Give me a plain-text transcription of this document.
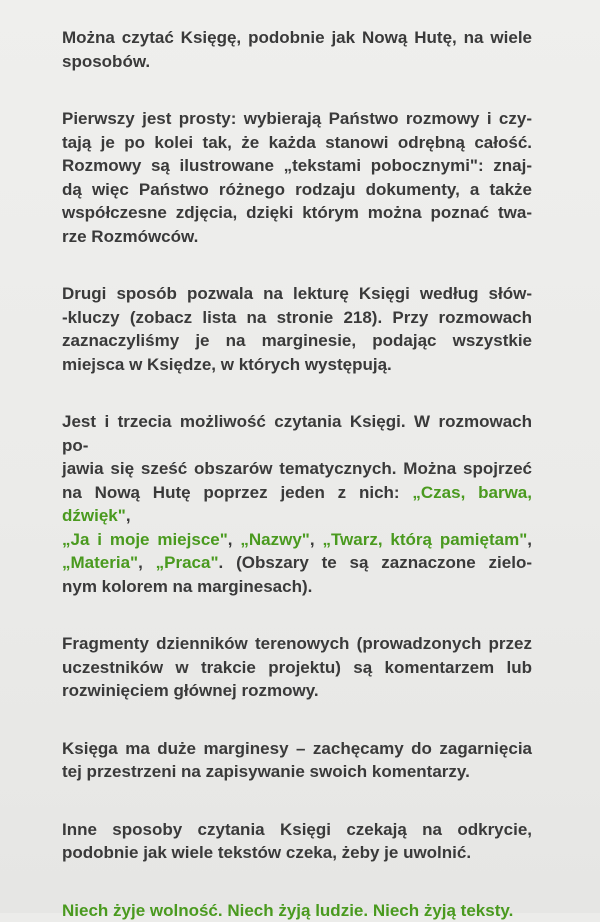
Można czytać Księgę, podobnie jak Nową Hutę, na wiele
sposobów.

Pierwszy jest prosty: wybierają Państwo rozmowy i czy-
tają je po kolei tak, że każda stanowi odrębną całość.
Rozmowy są ilustrowane „tekstami pobocznymi": znaj-
dą więc Państwo różnego rodzaju dokumenty, a także
współczesne zdjęcia, dzięki którym można poznać twa-
rze Rozmówców.

Drugi sposób pozwala na lekturę Księgi według słów-
-kluczy (zobacz lista na stronie 218). Przy rozmowach
zaznaczyliśmy je na marginesie, podając wszystkie
miejsca w Księdze, w których występują.

Jest i trzecia możliwość czytania Księgi. W rozmowach po-
jawia się sześć obszarów tematycznych. Można spojrzeć
na Nową Hutę poprzez jeden z nich: „Czas, barwa, dźwięk",
„Ja i moje miejsce", „Nazwy", „Twarz, którą pamiętam",
„Materia", „Praca". (Obszary te są zaznaczone zielo-
nym kolorem na marginesach).

Fragmenty dzienników terenowych (prowadzonych przez
uczestników w trakcie projektu) są komentarzem lub
rozwinięciem głównej rozmowy.

Księga ma duże marginesy – zachęcamy do zagarnięcia
tej przestrzeni na zapisywanie swoich komentarzy.

Inne sposoby czytania Księgi czekają na odkrycie,
podobnie jak wiele tekstów czeka, żeby je uwolnić.

Niech żyje wolność. Niech żyją ludzie. Niech żyją teksty.
